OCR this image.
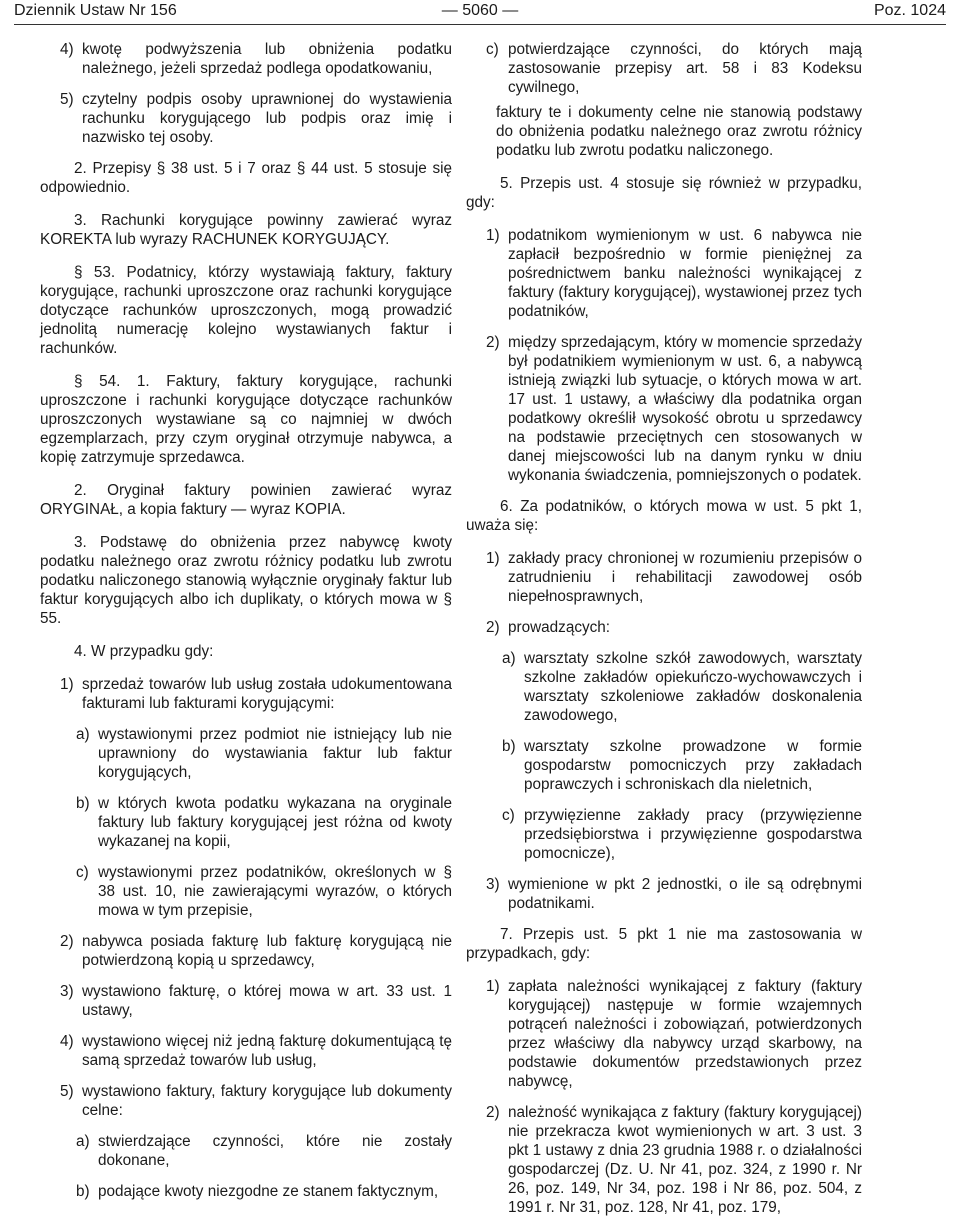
Dziennik Ustaw Nr 156	— 5060 —	Poz. 1024
4) kwotę podwyższenia lub obniżenia podatku należnego, jeżeli sprzedaż podlega opodatkowaniu,
5) czytelny podpis osoby uprawnionej do wystawienia rachunku korygującego lub podpis oraz imię i nazwisko tej osoby.

2. Przepisy § 38 ust. 5 i 7 oraz § 44 ust. 5 stosuje się odpowiednio.

3. Rachunki korygujące powinny zawierać wyraz KOREKTA lub wyrazy RACHUNEK KORYGUJĄCY.

§ 53. Podatnicy, którzy wystawiają faktury, faktury korygujące, rachunki uproszczone oraz rachunki korygujące dotyczące rachunków uproszczonych, mogą prowadzić jednolitą numerację kolejno wystawianych faktur i rachunków.

§ 54. 1. Faktury, faktury korygujące, rachunki uproszczone i rachunki korygujące dotyczące rachunków uproszczonych wystawiane są co najmniej w dwóch egzemplarzach, przy czym oryginał otrzymuje nabywca, a kopię zatrzymuje sprzedawca.

2. Oryginał faktury powinien zawierać wyraz ORYGINAŁ, a kopia faktury — wyraz KOPIA.

3. Podstawę do obniżenia przez nabywcę kwoty podatku należnego oraz zwrotu różnicy podatku lub zwrotu podatku naliczonego stanowią wyłącznie oryginały faktur lub faktur korygujących albo ich duplikaty, o których mowa w § 55.

4. W przypadku gdy:

1) sprzedaż towarów lub usług została udokumentowana fakturami lub fakturami korygującymi:
a) wystawionymi przez podmiot nie istniejący lub nie uprawniony do wystawiania faktur lub faktur korygujących,
b) w których kwota podatku wykazana na oryginale faktury lub faktury korygującej jest różna od kwoty wykazanej na kopii,
c) wystawionymi przez podatników, określonych w § 38 ust. 10, nie zawierającymi wyrazów, o których mowa w tym przepisie,
2) nabywca posiada fakturę lub fakturę korygującą nie potwierdzoną kopią u sprzedawcy,
3) wystawiono fakturę, o której mowa w art. 33 ust. 1 ustawy,
4) wystawiono więcej niż jedną fakturę dokumentującą tę samą sprzedaż towarów lub usług,
5) wystawiono faktury, faktury korygujące lub dokumenty celne:
a) stwierdzające czynności, które nie zostały dokonane,
b) podające kwoty niezgodne ze stanem faktycznym,
c) potwierdzające czynności, do których mają zastosowanie przepisy art. 58 i 83 Kodeksu cywilnego,

faktury te i dokumenty celne nie stanowią podstawy do obniżenia podatku należnego oraz zwrotu różnicy podatku lub zwrotu podatku naliczonego.

5. Przepis ust. 4 stosuje się również w przypadku, gdy:

1) podatnikom wymienionym w ust. 6 nabywca nie zapłacił bezpośrednio w formie pieniężnej za pośrednictwem banku należności wynikającej z faktury (faktury korygującej), wystawionej przez tych podatników,
2) między sprzedającym, który w momencie sprzedaży był podatnikiem wymienionym w ust. 6, a nabywcą istnieją związki lub sytuacje, o których mowa w art. 17 ust. 1 ustawy, a właściwy dla podatnika organ podatkowy określił wysokość obrotu u sprzedawcy na podstawie przeciętnych cen stosowanych w danej miejscowości lub na danym rynku w dniu wykonania świadczenia, pomniejszonych o podatek.

6. Za podatników, o których mowa w ust. 5 pkt 1, uważa się:

1) zakłady pracy chronionej w rozumieniu przepisów o zatrudnieniu i rehabilitacji zawodowej osób niepełnosprawnych,
2) prowadzących:
a) warsztaty szkolne szkół zawodowych, warsztaty szkolne zakładów opiekuńczo-wychowawczych i warsztaty szkoleniowe zakładów doskonalenia zawodowego,
b) warsztaty szkolne prowadzone w formie gospodarstw pomocniczych przy zakładach poprawczych i schroniskach dla nieletnich,
c) przywięzienne zakłady pracy (przywięzienne przedsiębiorstwa i przywięzienne gospodarstwa pomocnicze),
3) wymienione w pkt 2 jednostki, o ile są odrębnymi podatnikami.

7. Przepis ust. 5 pkt 1 nie ma zastosowania w przypadkach, gdy:

1) zapłata należności wynikającej z faktury (faktury korygującej) następuje w formie wzajemnych potrąceń należności i zobowiązań, potwierdzonych przez właściwy dla nabywcy urząd skarbowy, na podstawie dokumentów przedstawionych przez nabywcę,
2) należność wynikająca z faktury (faktury korygującej) nie przekracza kwot wymienionych w art. 3 ust. 3 pkt 1 ustawy z dnia 23 grudnia 1988 r. o działalności gospodarczej (Dz. U. Nr 41, poz. 324, z 1990 r. Nr 26, poz. 149, Nr 34, poz. 198 i Nr 86, poz. 504, z 1991 r. Nr 31, poz. 128, Nr 41, poz. 179,
